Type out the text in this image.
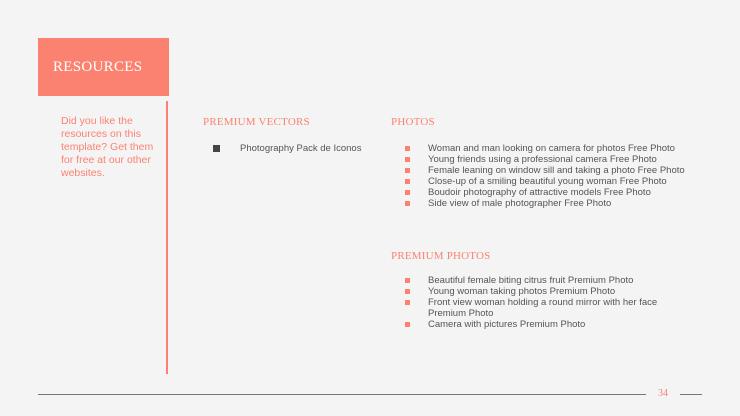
RESOURCES
Did you like the resources on this template? Get them for free at our other websites.
PREMIUM VECTORS
Photography Pack de Iconos
PHOTOS
Woman and man looking on camera for photos Free Photo
Young friends using a professional camera Free Photo
Female leaning on window sill and taking a photo Free Photo
Close-up of a smiling beautiful young woman Free Photo
Boudoir photography of attractive models Free Photo
Side view of male photographer Free Photo
PREMIUM PHOTOS
Beautiful female biting citrus fruit Premium Photo
Young woman taking photos Premium Photo
Front view woman holding a round mirror with her face Premium Photo
Camera with pictures Premium Photo
34
